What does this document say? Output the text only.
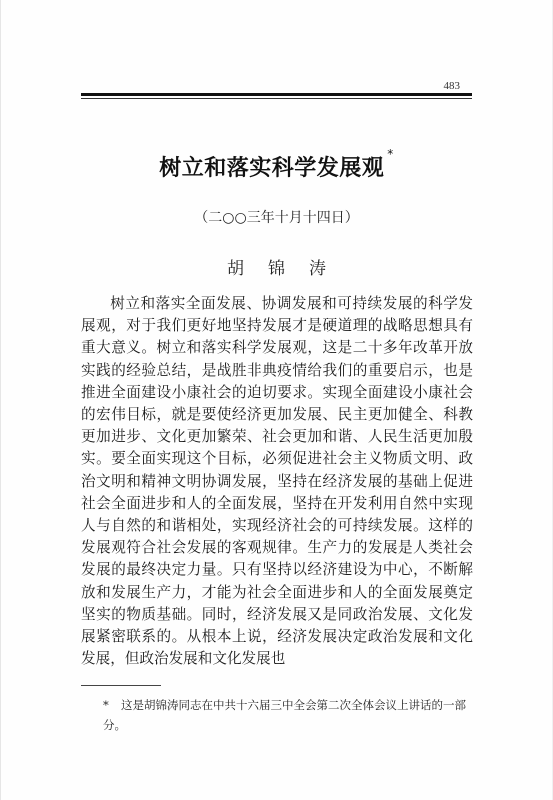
483
树立和落实科学发展观*
（二○○三年十月十四日）
胡锦涛

树立和落实全面发展、协调发展和可持续发展的科学发展观，对于我们更好地坚持发展才是硬道理的战略思想具有重大意义。树立和落实科学发展观，这是二十多年改革开放实践的经验总结，是战胜非典疫情给我们的重要启示，也是推进全面建设小康社会的迫切要求。实现全面建设小康社会的宏伟目标，就是要使经济更加发展、民主更加健全、科教更加进步、文化更加繁荣、社会更加和谐、人民生活更加殷实。要全面实现这个目标，必须促进社会主义物质文明、政治文明和精神文明协调发展，坚持在经济发展的基础上促进社会全面进步和人的全面发展，坚持在开发利用自然中实现人与自然的和谐相处，实现经济社会的可持续发展。这样的发展观符合社会发展的客观规律。生产力的发展是人类社会发展的最终决定力量。只有坚持以经济建设为中心，不断解放和发展生产力，才能为社会全面进步和人的全面发展奠定坚实的物质基础。同时，经济发展又是同政治发展、文化发展紧密联系的。从根本上说，经济发展决定政治发展和文化发展，但政治发展和文化发展也

* 这是胡锦涛同志在中共十六届三中全会第二次全体会议上讲话的一部分。
